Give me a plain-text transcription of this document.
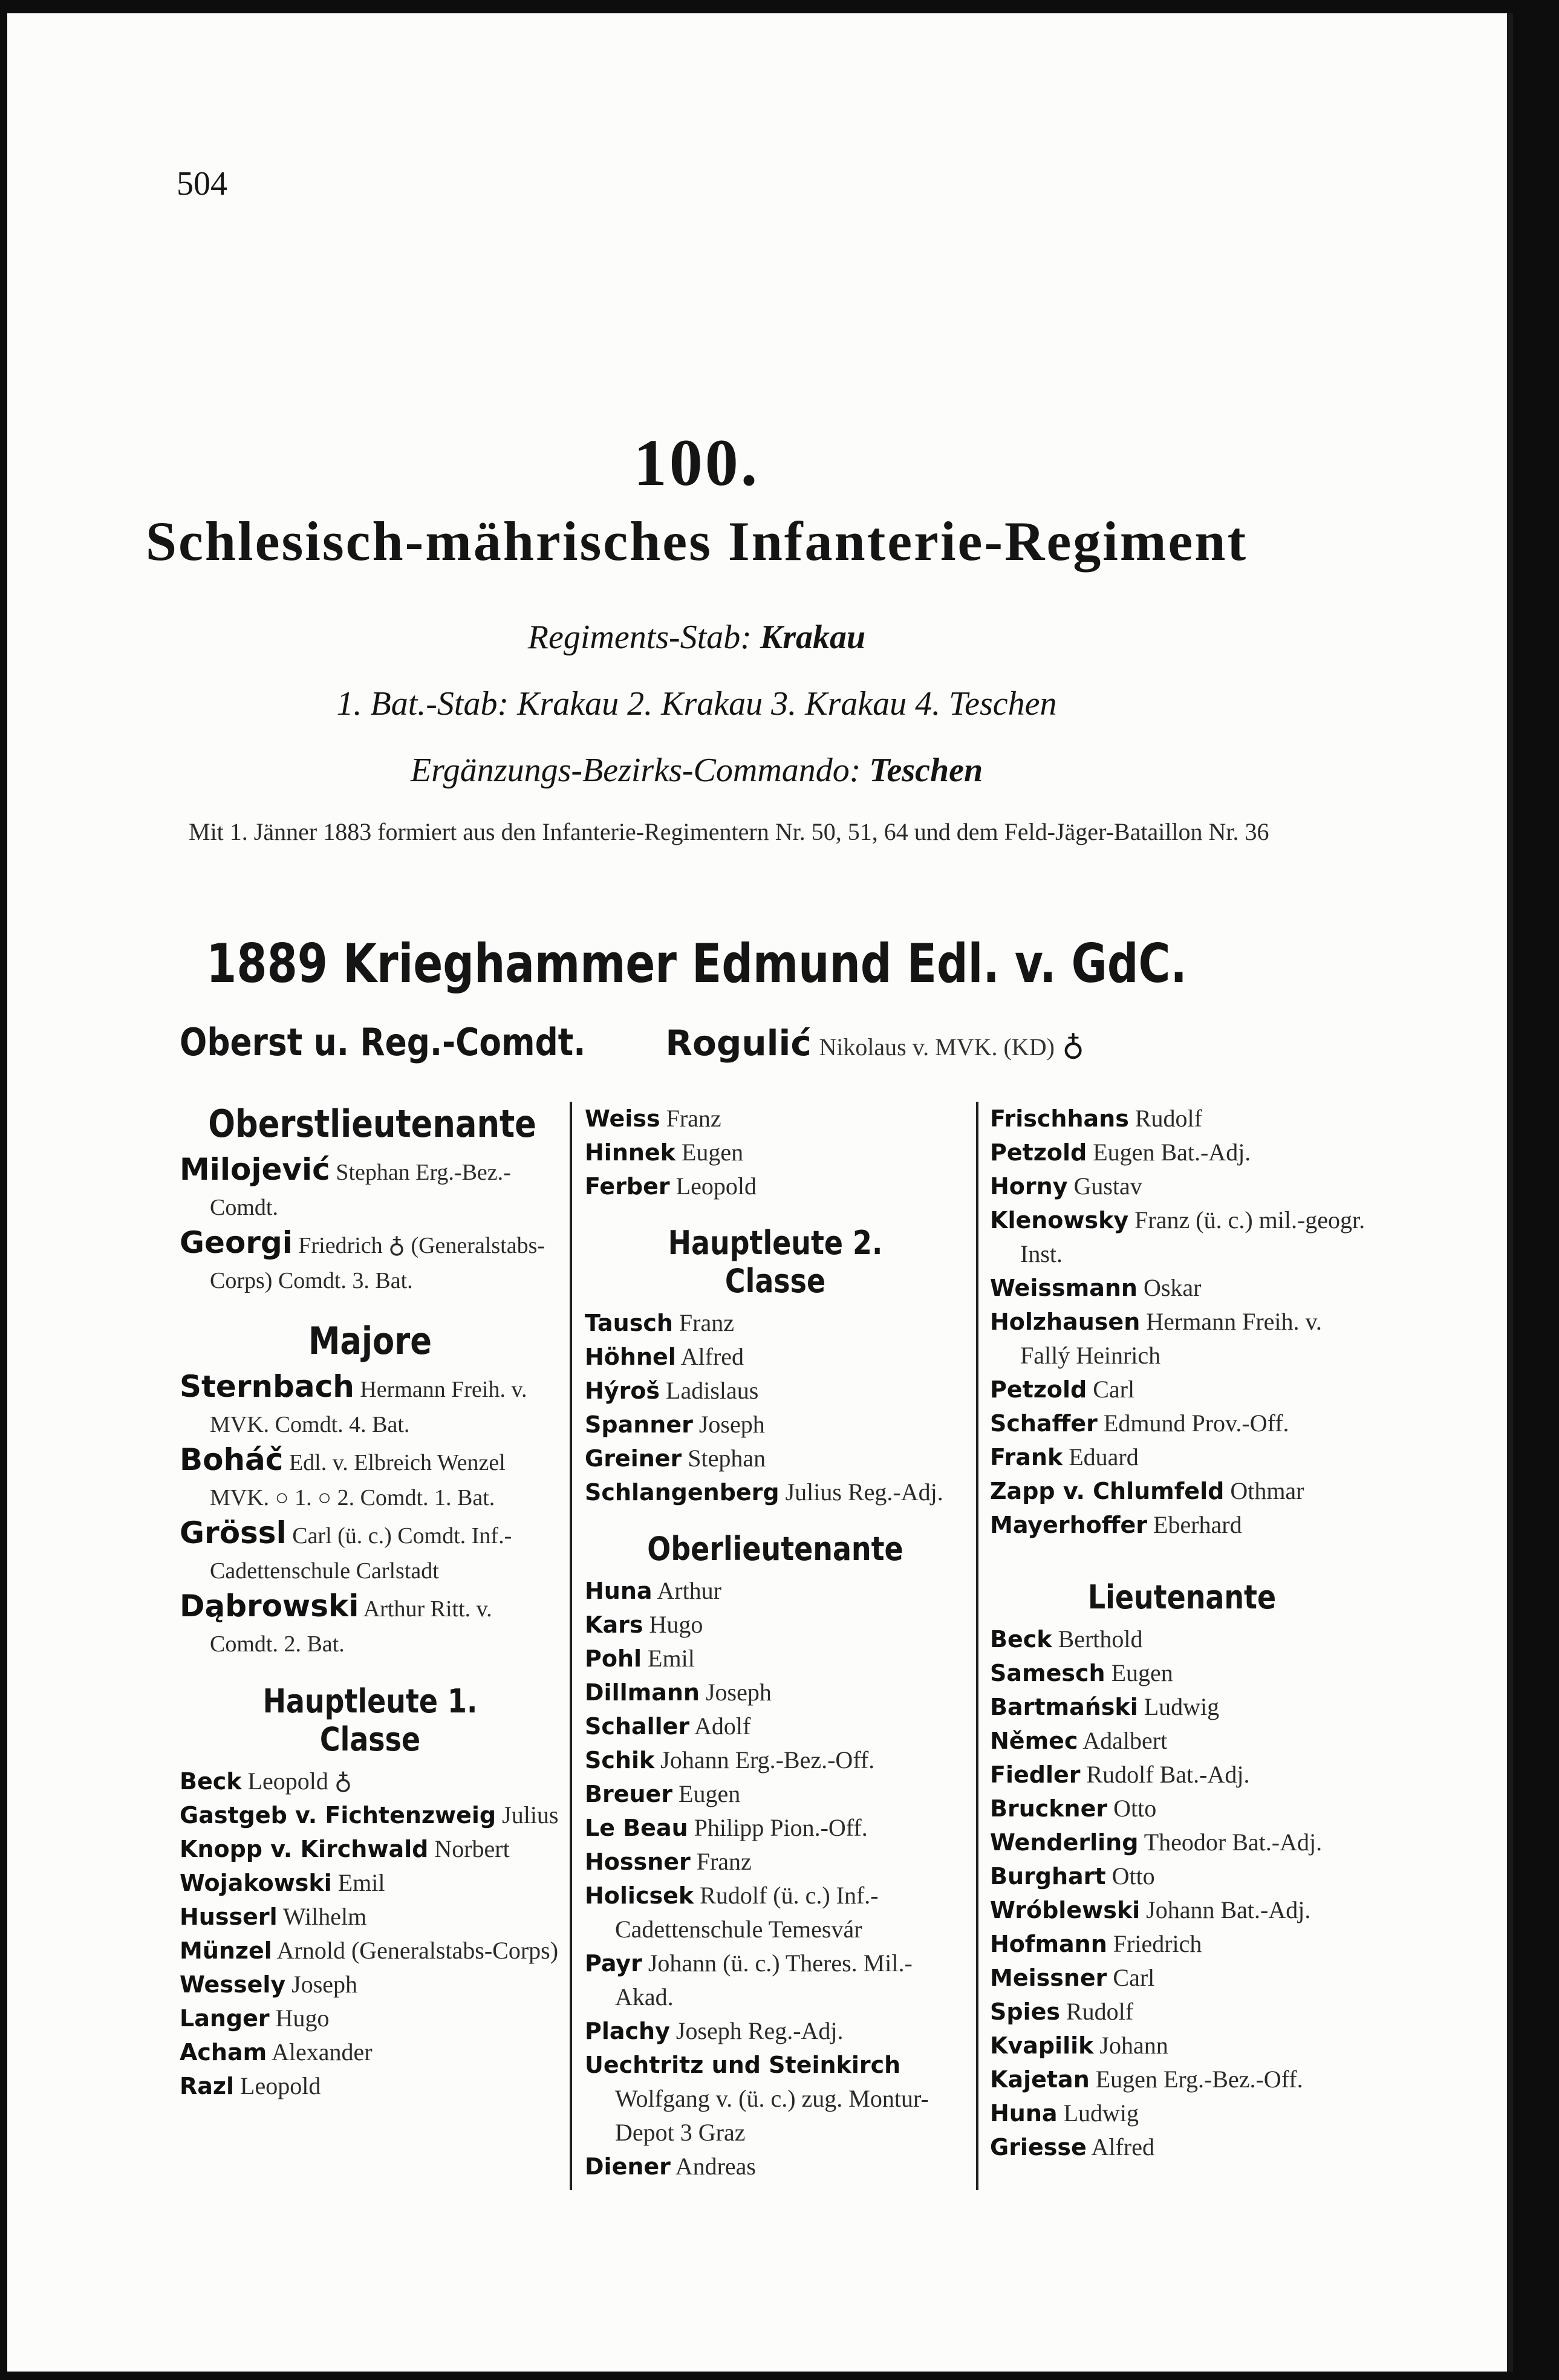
504
100.
Schlesisch-mährisches Infanterie-Regiment
Regiments-Stab: Krakau
1. Bat.-Stab: Krakau 2. Krakau 3. Krakau 4. Teschen
Ergänzungs-Bezirks-Commando: Teschen
Mit 1. Jänner 1883 formiert aus den Infanterie-Regimentern Nr. 50, 51, 64 und dem Feld-Jäger-Bataillon Nr. 36
1889 Krieghammer Edmund Edl. v. GdC.
Oberst u. Reg.-Comdt. Rogulić Nikolaus v. MVK. (KD) ♁
Oberstlieutenante
Milojević Stephan Erg.-Bez.-Comdt.
Georgi Friedrich ♁ (Generalstabs-Corps) Comdt. 3. Bat.
Majore
Sternbach Hermann Freih. v. MVK. Comdt. 4. Bat.
Boháč Edl. v. Elbreich Wenzel MVK. ○ 1. ○ 2. Comdt. 1. Bat.
Grössl Carl (ü. c.) Comdt. Inf.-Cadettenschule Carlstadt
Dąbrowski Arthur Ritt. v. Comdt. 2. Bat.
Hauptleute 1. Classe
Beck Leopold ♁
Gastgeb v. Fichtenzweig Julius
Knopp v. Kirchwald Norbert
Wojakowski Emil
Husserl Wilhelm
Münzel Arnold (Generalstabs-Corps)
Wessely Joseph
Langer Hugo
Acham Alexander
Razl Leopold
Weiss Franz
Hinnek Eugen
Ferber Leopold
Hauptleute 2. Classe
Tausch Franz
Höhnel Alfred
Hýroš Ladislaus
Spanner Joseph
Greiner Stephan
Schlangenberg Julius Reg.-Adj.
Oberlieutenante
Huna Arthur
Kars Hugo
Pohl Emil
Dillmann Joseph
Schaller Adolf
Schik Johann Erg.-Bez.-Off.
Breuer Eugen
Le Beau Philipp Pion.-Off.
Hossner Franz
Holicsek Rudolf (ü. c.) Inf.-Cadettenschule Temesvár
Payr Johann (ü. c.) Theres. Mil.-Akad.
Plachy Joseph Reg.-Adj.
Uechtritz und Steinkirch Wolfgang v. (ü. c.) zug. Montur-Depot 3 Graz
Diener Andreas
Frischhans Rudolf
Petzold Eugen Bat.-Adj.
Horny Gustav
Klenowsky Franz (ü. c.) mil.-geogr. Inst.
Weissmann Oskar
Holzhausen Hermann Freih. v. Fallý Heinrich
Petzold Carl
Schaffer Edmund Prov.-Off.
Frank Eduard
Zapp v. Chlumfeld Othmar
Mayerhoffer Eberhard
Lieutenante
Beck Berthold
Samesch Eugen
Bartmański Ludwig
Němec Adalbert
Fiedler Rudolf Bat.-Adj.
Bruckner Otto
Wenderling Theodor Bat.-Adj.
Burghart Otto
Wróblewski Johann Bat.-Adj.
Hofmann Friedrich
Meissner Carl
Spies Rudolf
Kvapilik Johann
Kajetan Eugen Erg.-Bez.-Off.
Huna Ludwig
Griesse Alfred
